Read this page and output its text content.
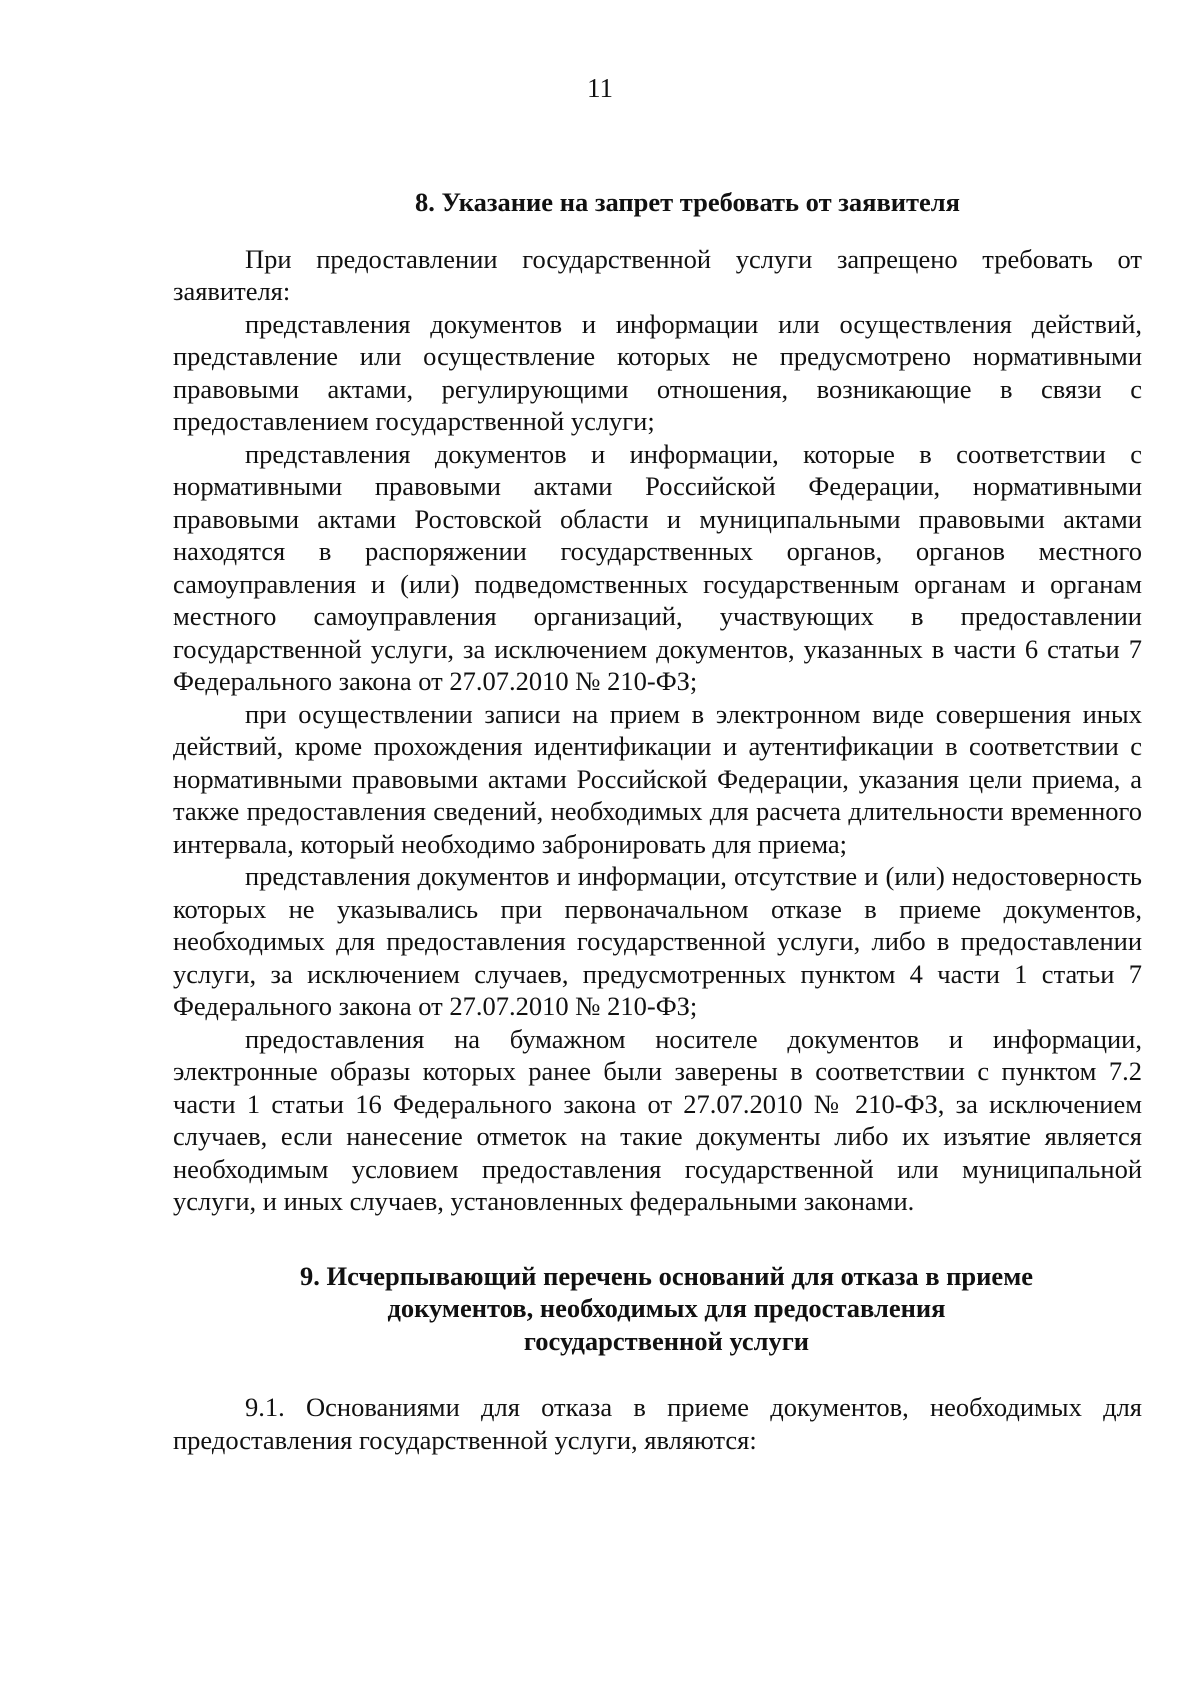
11

8. Указание на запрет требовать от заявителя

При предоставлении государственной услуги запрещено требовать от заявителя:

представления документов и информации или осуществления действий, представление или осуществление которых не предусмотрено нормативными правовыми актами, регулирующими отношения, возникающие в связи с предоставлением государственной услуги;

представления документов и информации, которые в соответствии с нормативными правовыми актами Российской Федерации, нормативными правовыми актами Ростовской области и муниципальными правовыми актами находятся в распоряжении государственных органов, органов местного самоуправления и (или) подведомственных государственным органам и органам местного самоуправления организаций, участвующих в предоставлении государственной услуги, за исключением документов, указанных в части 6 статьи 7 Федерального закона от 27.07.2010 № 210-ФЗ;

при осуществлении записи на прием в электронном виде совершения иных действий, кроме прохождения идентификации и аутентификации в соответствии с нормативными правовыми актами Российской Федерации, указания цели приема, а также предоставления сведений, необходимых для расчета длительности временного интервала, который необходимо забронировать для приема;

представления документов и информации, отсутствие и (или) недостоверность которых не указывались при первоначальном отказе в приеме документов, необходимых для предоставления государственной услуги, либо в предоставлении услуги, за исключением случаев, предусмотренных пунктом 4 части 1 статьи 7 Федерального закона от 27.07.2010 № 210-ФЗ;

предоставления на бумажном носителе документов и информации, электронные образы которых ранее были заверены в соответствии с пунктом 7.2 части 1 статьи 16 Федерального закона от 27.07.2010 № 210-ФЗ, за исключением случаев, если нанесение отметок на такие документы либо их изъятие является необходимым условием предоставления государственной или муниципальной услуги, и иных случаев, установленных федеральными законами.

9. Исчерпывающий перечень оснований для отказа в приеме
документов, необходимых для предоставления
государственной услуги

9.1. Основаниями для отказа в приеме документов, необходимых для предоставления государственной услуги, являются:
